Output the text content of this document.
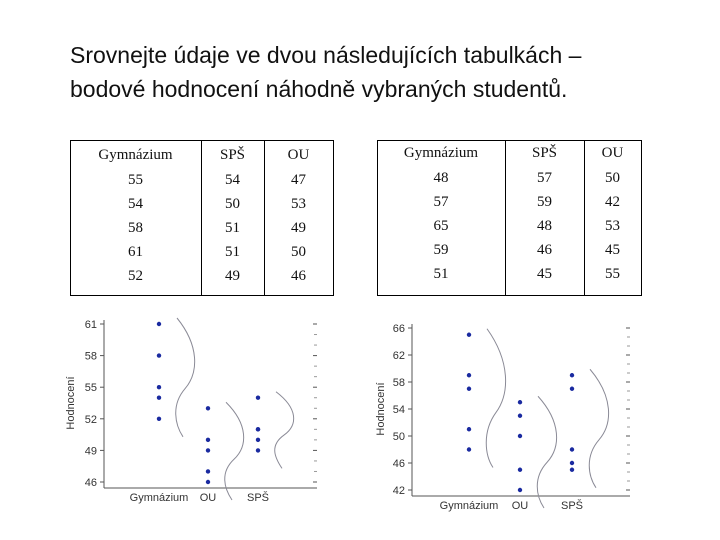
Srovnejte údaje ve dvou následujících tabulkách –
bodové hodnocení náhodně vybraných studentů.
Gymnázium	SPŠ	OU
55	54	47
54	50	53
58	51	49
61	51	50
52	49	46
Gymnázium	SPŠ	OU
48	57	50
57	59	42
65	48	53
59	46	45
51	45	55
61
58
55
52
49
46
Hodnocení
Gymnázium OU	SPŠ
66
62
58
54
50
46
42
Hodnocení
Gymnázium OU	SPŠ
